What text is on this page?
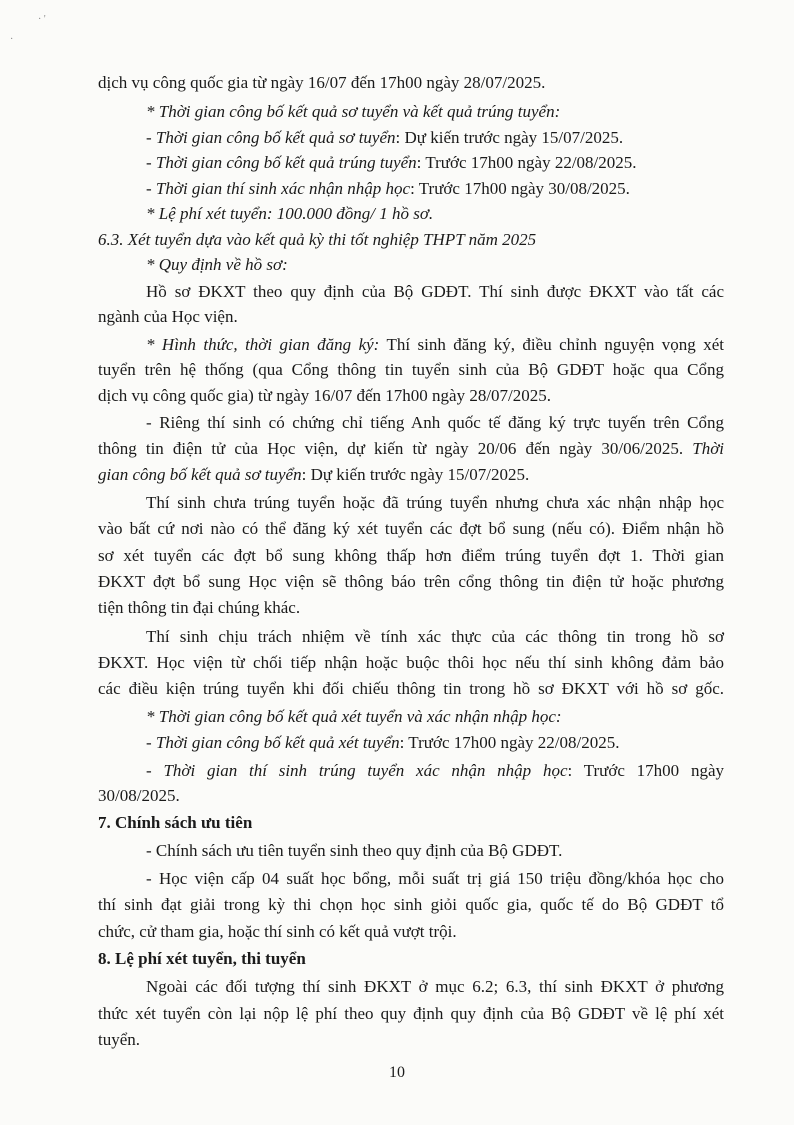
· '
·
dịch vụ công quốc gia từ ngày 16/07 đến 17h00 ngày 28/07/2025.
* Thời gian công bố kết quả sơ tuyển và kết quả trúng tuyển:
- Thời gian công bố kết quả sơ tuyển: Dự kiến trước ngày 15/07/2025.
- Thời gian công bố kết quả trúng tuyển: Trước 17h00 ngày 22/08/2025.
- Thời gian thí sinh xác nhận nhập học: Trước 17h00 ngày 30/08/2025.
* Lệ phí xét tuyển: 100.000 đồng/ 1 hồ sơ.
6.3. Xét tuyển dựa vào kết quả kỳ thi tốt nghiệp THPT năm 2025
* Quy định về hồ sơ:
Hồ sơ ĐKXT theo quy định của Bộ GDĐT. Thí sinh được ĐKXT vào tất các
ngành của Học viện.
* Hình thức, thời gian đăng ký: Thí sinh đăng ký, điều chỉnh nguyện vọng xét
tuyển trên hệ thống (qua Cổng thông tin tuyển sinh của Bộ GDĐT hoặc qua Cổng
dịch vụ công quốc gia) từ ngày 16/07 đến 17h00 ngày 28/07/2025.
- Riêng thí sinh có chứng chỉ tiếng Anh quốc tế đăng ký trực tuyến trên Cổng
thông tin điện tử của Học viện, dự kiến từ ngày 20/06 đến ngày 30/06/2025. Thời
gian công bố kết quả sơ tuyển: Dự kiến trước ngày 15/07/2025.
Thí sinh chưa trúng tuyển hoặc đã trúng tuyển nhưng chưa xác nhận nhập học
vào bất cứ nơi nào có thể đăng ký xét tuyển các đợt bổ sung (nếu có). Điểm nhận hồ
sơ xét tuyển các đợt bổ sung không thấp hơn điểm trúng tuyển đợt 1. Thời gian
ĐKXT đợt bổ sung Học viện sẽ thông báo trên cổng thông tin điện tử hoặc phương
tiện thông tin đại chúng khác.
Thí sinh chịu trách nhiệm về tính xác thực của các thông tin trong hồ sơ
ĐKXT. Học viện từ chối tiếp nhận hoặc buộc thôi học nếu thí sinh không đảm bảo
các điều kiện trúng tuyển khi đối chiếu thông tin trong hồ sơ ĐKXT với hồ sơ gốc.
* Thời gian công bố kết quả xét tuyển và xác nhận nhập học:
- Thời gian công bố kết quả xét tuyển: Trước 17h00 ngày 22/08/2025.
- Thời gian thí sinh trúng tuyển xác nhận nhập học: Trước 17h00 ngày
30/08/2025.
7. Chính sách ưu tiên
- Chính sách ưu tiên tuyển sinh theo quy định của Bộ GDĐT.
- Học viện cấp 04 suất học bổng, mỗi suất trị giá 150 triệu đồng/khóa học cho
thí sinh đạt giải trong kỳ thi chọn học sinh giỏi quốc gia, quốc tế do Bộ GDĐT tổ
chức, cử tham gia, hoặc thí sinh có kết quả vượt trội.
8. Lệ phí xét tuyển, thi tuyển
Ngoài các đối tượng thí sinh ĐKXT ở mục 6.2; 6.3, thí sinh ĐKXT ở phương
thức xét tuyển còn lại nộp lệ phí theo quy định quy định của Bộ GDĐT về lệ phí xét
tuyển.
10
